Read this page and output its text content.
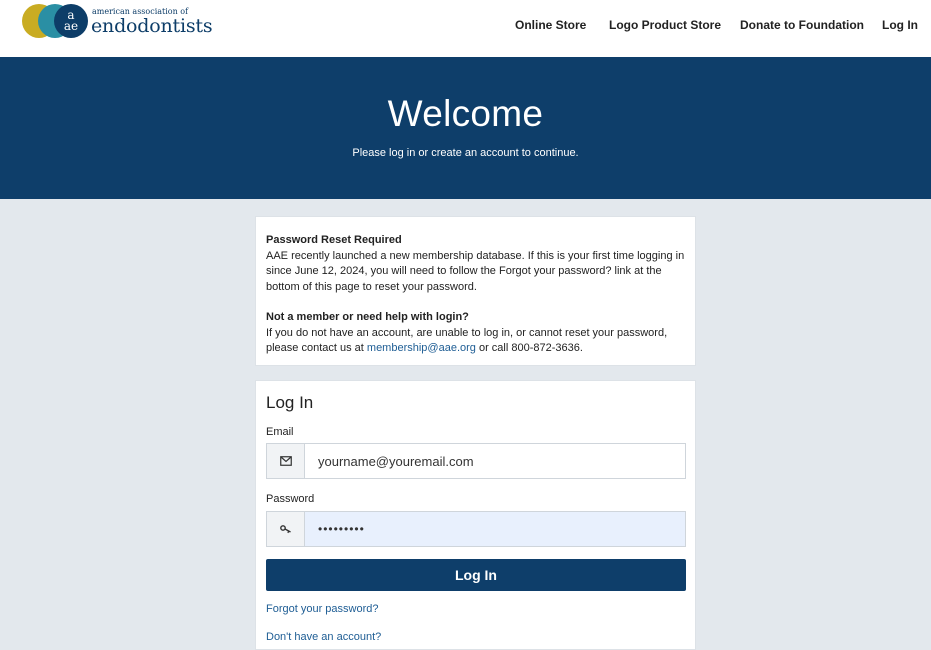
a
ae
american association of
endodontists	Online Store Logo Product Store Donate to Foundation Log In
Welcome

Please log in or create an account to continue.

Password Reset Required
AAE recently launched a new membership database. If this is your first time logging in since June 12, 2024, you will need to follow the Forgot your password? link at the bottom of this page to reset your password.
Not a member or need help with login?
If you do not have an account, are unable to log in, or cannot reset your password, please contact us at membership@aae.org or call 800-872-3636.
Log In
Email
yourname@youremail.com
Password
•••••••••
Log In
Forgot your password?
Don't have an account?
